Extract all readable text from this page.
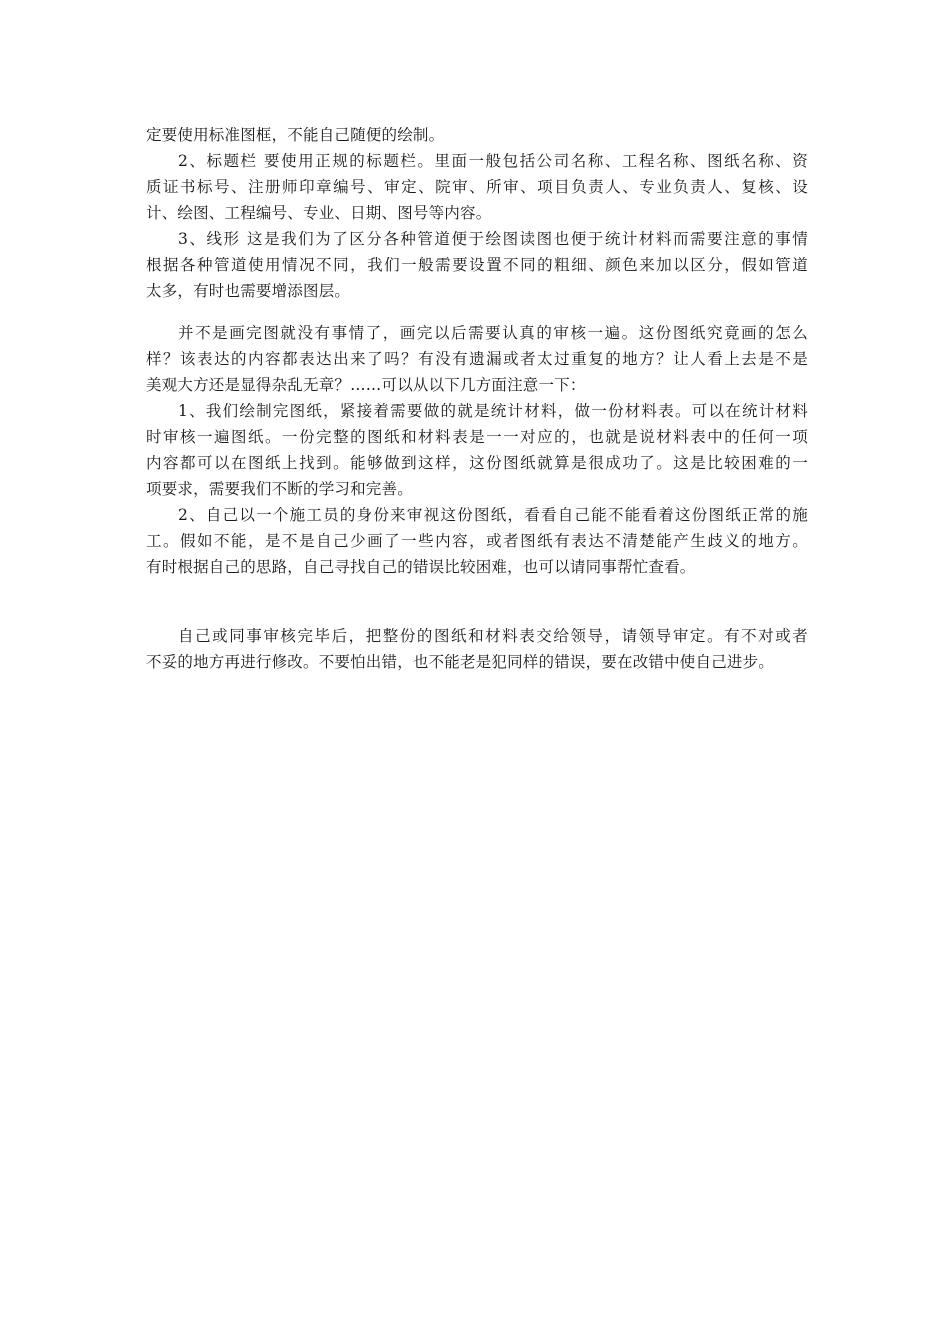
定要使用标准图框，不能自己随便的绘制。
2、标题栏 要使用正规的标题栏。里面一般包括公司名称、工程名称、图纸名称、资
质证书标号、注册师印章编号、审定、院审、所审、项目负责人、专业负责人、复核、设
计、绘图、工程编号、专业、日期、图号等内容。
3、线形 这是我们为了区分各种管道便于绘图读图也便于统计材料而需要注意的事情
根据各种管道使用情况不同，我们一般需要设置不同的粗细、颜色来加以区分，假如管道
太多，有时也需要增添图层。
并不是画完图就没有事情了，画完以后需要认真的审核一遍。这份图纸究竟画的怎么
样？该表达的内容都表达出来了吗？有没有遗漏或者太过重复的地方？让人看上去是不是
美观大方还是显得杂乱无章？……可以从以下几方面注意一下：
1、我们绘制完图纸，紧接着需要做的就是统计材料，做一份材料表。可以在统计材料
时审核一遍图纸。一份完整的图纸和材料表是一一对应的，也就是说材料表中的任何一项
内容都可以在图纸上找到。能够做到这样，这份图纸就算是很成功了。这是比较困难的一
项要求，需要我们不断的学习和完善。
2、自己以一个施工员的身份来审视这份图纸，看看自己能不能看着这份图纸正常的施
工。假如不能，是不是自己少画了一些内容，或者图纸有表达不清楚能产生歧义的地方。
有时根据自己的思路，自己寻找自己的错误比较困难，也可以请同事帮忙查看。
自己或同事审核完毕后，把整份的图纸和材料表交给领导，请领导审定。有不对或者
不妥的地方再进行修改。不要怕出错，也不能老是犯同样的错误，要在改错中使自己进步。
